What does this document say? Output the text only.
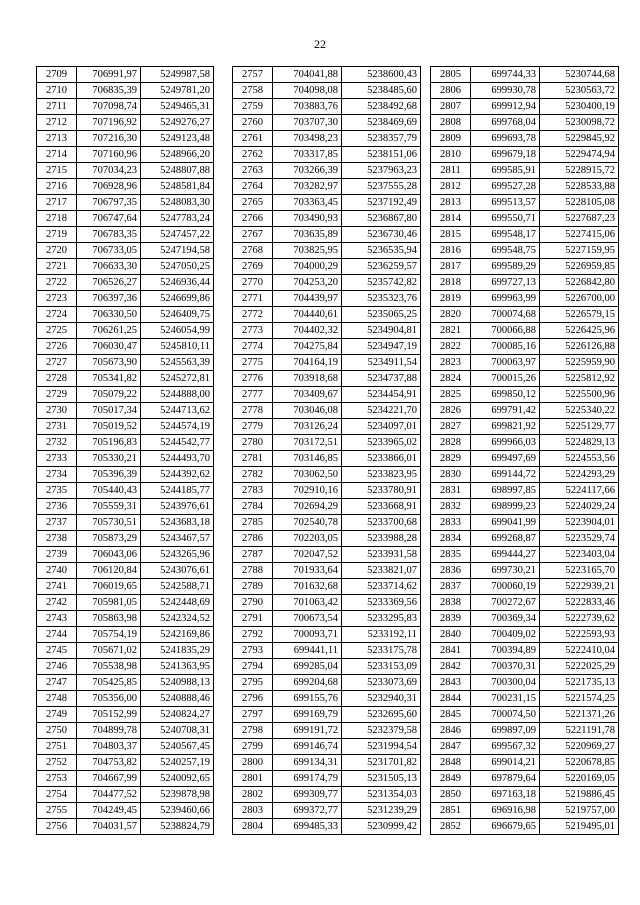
22
2709	706991,97	5249987,58
2710	706835,39	5249781,20
2711	707098,74	5249465,31
2712	707196,92	5249276,27
2713	707216,30	5249123,48
2714	707160,96	5248966,20
2715	707034,23	5248807,88
2716	706928,96	5248581,84
2717	706797,35	5248083,30
2718	706747,64	5247783,24
2719	706783,35	5247457,22
2720	706733,05	5247194,58
2721	706633,30	5247050,25
2722	706526,27	5246936,44
2723	706397,36	5246699,86
2724	706330,50	5246409,75
2725	706261,25	5246054,99
2726	706030,47	5245810,11
2727	705673,90	5245563,39
2728	705341,82	5245272,81
2729	705079,22	5244888,00
2730	705017,34	5244713,62
2731	705019,52	5244574,19
2732	705196,83	5244542,77
2733	705330,21	5244493,70
2734	705396,39	5244392,62
2735	705440,43	5244185,77
2736	705559,31	5243976,61
2737	705730,51	5243683,18
2738	705873,29	5243467,57
2739	706043,06	5243265,96
2740	706120,84	5243076,61
2741	706019,65	5242588,71
2742	705981,05	5242448,69
2743	705863,98	5242324,52
2744	705754,19	5242169,86
2745	705671,02	5241835,29
2746	705538,98	5241363,95
2747	705425,85	5240988,13
2748	705356,00	5240888,46
2749	705152,99	5240824,27
2750	704899,78	5240708,31
2751	704803,37	5240567,45
2752	704753,82	5240257,19
2753	704667,99	5240092,65
2754	704477,52	5239878,98
2755	704249,45	5239460,66
2756	704031,57	5238824,79
2757	704041,88	5238600,43
2758	704098,08	5238485,60
2759	703883,76	5238492,68
2760	703707,30	5238469,69
2761	703498,23	5238357,79
2762	703317,85	5238151,06
2763	703266,39	5237963,23
2764	703282,97	5237555,28
2765	703363,45	5237192,49
2766	703490,93	5236867,80
2767	703635,89	5236730,46
2768	703825,95	5236535,94
2769	704000,29	5236259,57
2770	704253,20	5235742,82
2771	704439,97	5235323,76
2772	704440,61	5235065,25
2773	704402,32	5234904,81
2774	704275,84	5234947,19
2775	704164,19	5234911,54
2776	703918,68	5234737,88
2777	703409,67	5234454,91
2778	703046,08	5234221,70
2779	703126,24	5234097,01
2780	703172,51	5233965,02
2781	703146,85	5233866,01
2782	703062,50	5233823,95
2783	702910,16	5233780,91
2784	702694,29	5233668,91
2785	702540,78	5233700,68
2786	702203,05	5233988,28
2787	702047,52	5233931,58
2788	701933,64	5233821,07
2789	701632,68	5233714,62
2790	701063,42	5233369,56
2791	700673,54	5233295,83
2792	700093,71	5233192,11
2793	699441,11	5233175,78
2794	699285,04	5233153,09
2795	699204,68	5233073,69
2796	699155,76	5232940,31
2797	699169,79	5232695,60
2798	699191,72	5232379,58
2799	699146,74	5231994,54
2800	699134,31	5231701,82
2801	699174,79	5231505,13
2802	699309,77	5231354,03
2803	699372,77	5231239,29
2804	699485,33	5230999,42
2805	699744,33	5230744,68
2806	699930,78	5230563,72
2807	699912,94	5230400,19
2808	699768,04	5230098,72
2809	699693,78	5229845,92
2810	699679,18	5229474,94
2811	699585,91	5228915,72
2812	699527,28	5228533,88
2813	699513,57	5228105,08
2814	699550,71	5227687,23
2815	699548,17	5227415,06
2816	699548,75	5227159,95
2817	699589,29	5226959,85
2818	699727,13	5226842,80
2819	699963,99	5226700,00
2820	700074,68	5226579,15
2821	700066,88	5226425,96
2822	700085,16	5226126,88
2823	700063,97	5225959,90
2824	700015,26	5225812,92
2825	699850,12	5225500,96
2826	699791,42	5225340,22
2827	699821,92	5225129,77
2828	699966,03	5224829,13
2829	699497,69	5224553,56
2830	699144,72	5224293,29
2831	698997,85	5224117,66
2832	698999,23	5224029,24
2833	699041,99	5223904,01
2834	699268,87	5223529,74
2835	699444,27	5223403,04
2836	699730,21	5223165,70
2837	700060,19	5222939,21
2838	700272,67	5222833,46
2839	700369,34	5222739,62
2840	700409,02	5222593,93
2841	700394,89	5222410,04
2842	700370,31	5222025,29
2843	700300,04	5221735,13
2844	700231,15	5221574,25
2845	700074,50	5221371,26
2846	699897,09	5221191,78
2847	699567,32	5220969,27
2848	699014,21	5220678,85
2849	697879,64	5220169,05
2850	697163,18	5219886,45
2851	696916,98	5219757,00
2852	696679,65	5219495,01
